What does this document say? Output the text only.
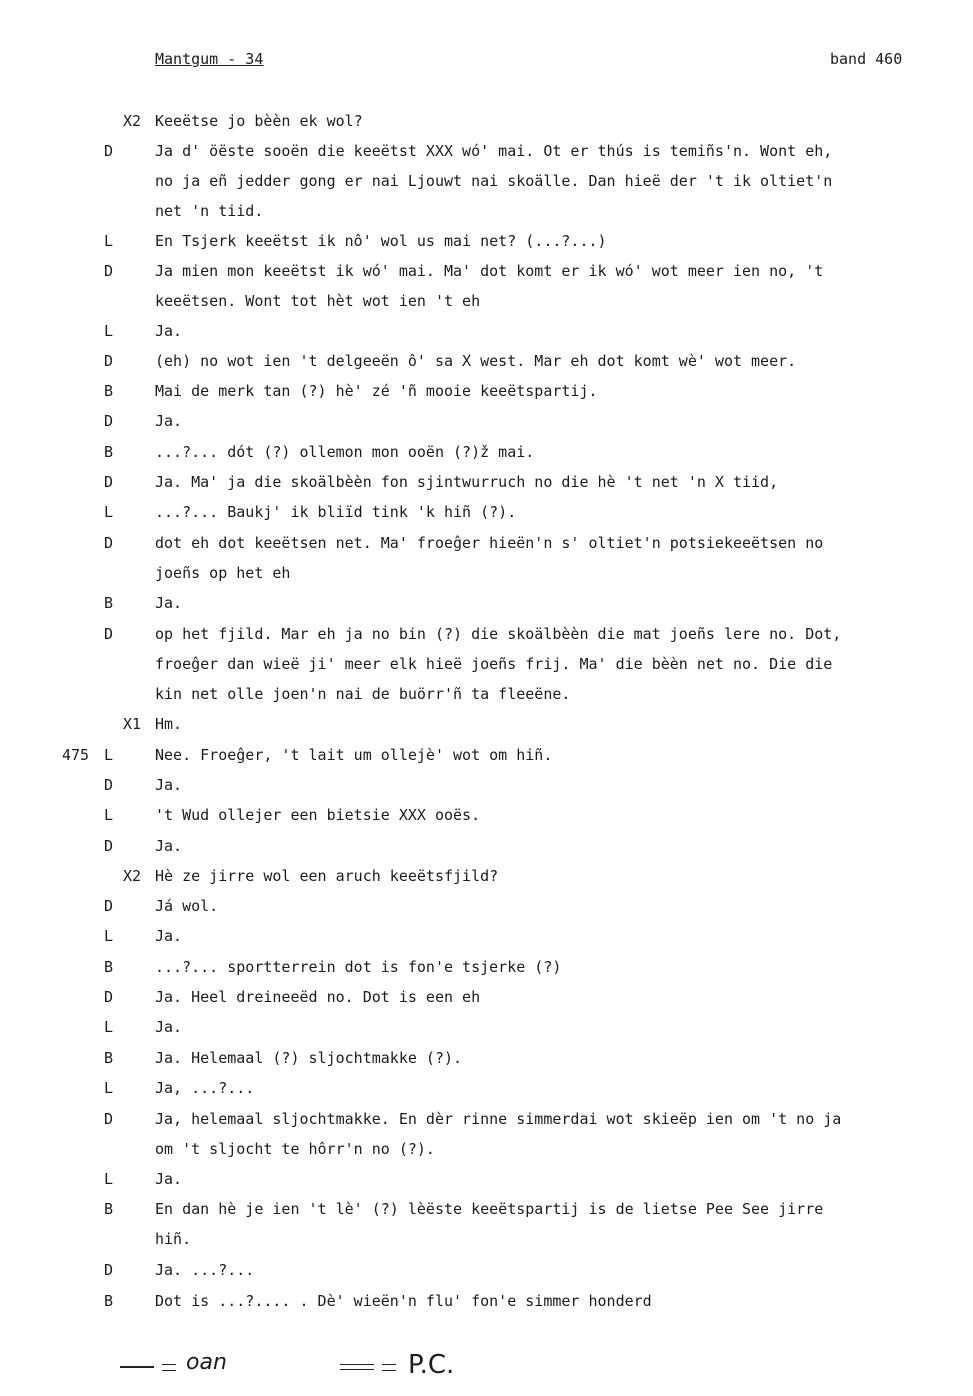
Mantgum - 34	band 460
X2 Keeëtse jo bèèn ek wol?
D	Ja d' öëste sooën die keeëtst XXX wó' mai. Ot er thús is temiñs'n. Wont eh,
no ja eñ jedder gong er nai Ljouwt nai skoälle. Dan hieë der 't ik oltiet'n
net 'n tiid.
L	En Tsjerk keeëtst ik nô' wol us mai net? (...?...)
D	Ja mien mon keeëtst ik wó' mai. Ma' dot komt er ik wó' wot meer ien no, 't
keeëtsen. Wont tot hèt wot ien 't eh
L	Ja.
D	(eh) no wot ien 't delgeeën ô' sa X west. Mar eh dot komt wè' wot meer.
B	Mai de merk tan (?) hè' zé 'ñ mooie keeëtspartij.
D	Ja.
B	...?... dót (?) ollemon mon ooën (?)ž mai.
D	Ja. Ma' ja die skoälbèèn fon sjintwurruch no die hè 't net 'n X tiid,
L	...?... Baukj' ik bliïd tink 'k hiñ (?).
D	dot eh dot keeëtsen net. Ma' froeĝer hieën'n s' oltiet'n potsiekeeëtsen no
joeñs op het eh
B	Ja.
D	op het fjild. Mar eh ja no bin (?) die skoälbèèn die mat joeñs lere no. Dot,
froeĝer dan wieë ji' meer elk hieë joeñs frij. Ma' die bèèn net no. Die die
kin net olle joen'n nai de buörr'ñ ta fleeëne.
X1 Hm.
475 L	Nee. Froeĝer, 't lait um ollejè' wot om hiñ.
D	Ja.
L	't Wud ollejer een bietsie XXX ooës.
D	Ja.
X2 Hè ze jirre wol een aruch keeëtsfjild?
D	Já wol.
L	Ja.
B	...?... sportterrein dot is fon'e tsjerke (?)
D	Ja. Heel dreineeëd no. Dot is een eh
L	Ja.
B	Ja. Helemaal (?) sljochtmakke (?).
L	Ja, ...?...
D	Ja, helemaal sljochtmakke. En dèr rinne simmerdai wot skieëp ien om 't no ja
om 't sljocht te hôrr'n no (?).
L	Ja.
B	En dan hè je ien 't lè' (?) lèëste keeëtspartij is de lietse Pee See jirre
hiñ.
D	Ja. ...?...
B	Dot is ...?.... . Dè' wieën'n flu' fon'e simmer honderd
oan	P.C.
